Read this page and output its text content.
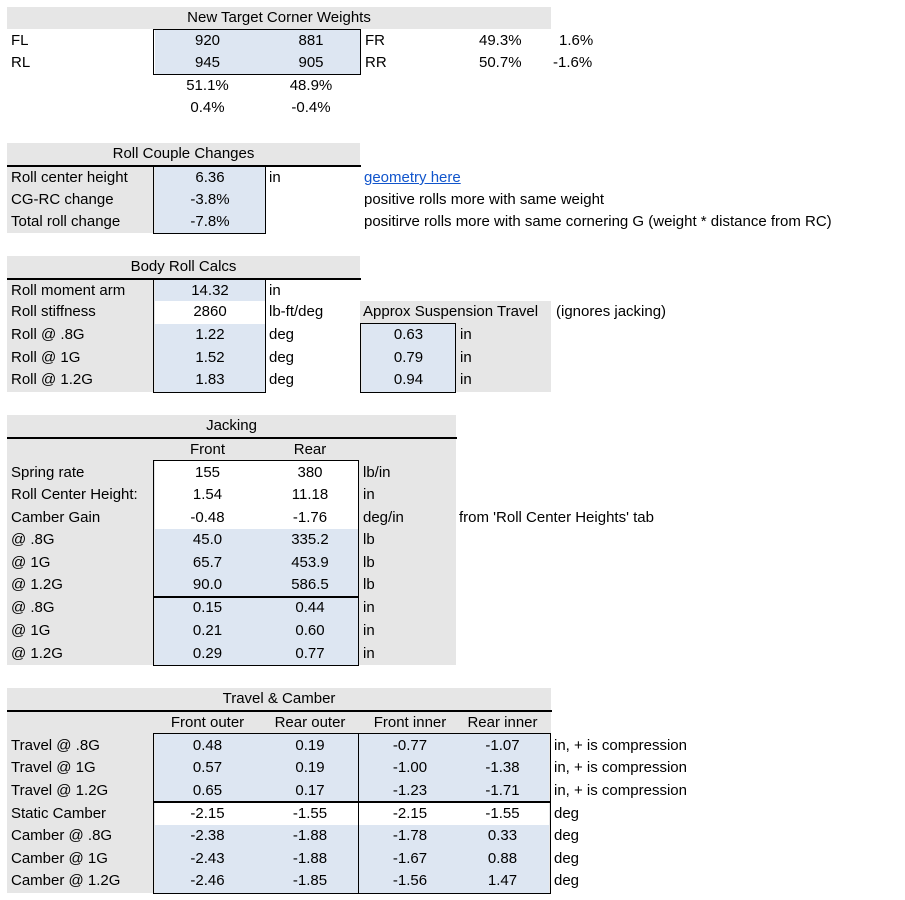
New Target Corner Weights
FL	920	881	FR	49.3% 1.6%
RL	945	905	RR	50.7% -1.6%
51.1%	48.9%
0.4%	-0.4%
Roll Couple Changes
Roll center height	6.36	in	geometry here
CG-RC change	-3.8%	positive rolls more with same weight
Total roll change	-7.8%	positirve rolls more with same cornering G (weight * distance from RC)
Body Roll Calcs
Roll moment arm	14.32	in
Roll stiffness	2860	lb-ft/deg
Roll @ .8G	1.22	deg
Roll @ 1G	1.52	deg
Roll @ 1.2G	1.83	deg
Approx Suspension Travel (ignores jacking)
0.63	in
0.79	in
0.94	in
Jacking
Front	Rear
from 'Roll Center Heights' tab
Spring rate	155	380	lb/in
Roll Center Height:	1.54	11.18	in
Camber Gain	-0.48	-1.76	deg/in
@ .8G	45.0	335.2	lb
@ 1G	65.7	453.9	lb
@ 1.2G	90.0	586.5	lb
@ .8G	0.15	0.44	in
@ 1G	0.21	0.60	in
@ 1.2G	0.29	0.77	in
Travel & Camber
Front outer	Rear outer	Front inner	Rear inner
Travel @ .8G	0.48	0.19	-0.77	-1.07	in, + is compression
Travel @ 1G	0.57	0.19	-1.00	-1.38	in, + is compression
Travel @ 1.2G	0.65	0.17	-1.23	-1.71	in, + is compression
Static Camber	-2.15	-1.55	-2.15	-1.55	deg
Camber @ .8G	-2.38	-1.88	-1.78	0.33	deg
Camber @ 1G	-2.43	-1.88	-1.67	0.88	deg
Camber @ 1.2G	-2.46	-1.85	-1.56	1.47	deg
